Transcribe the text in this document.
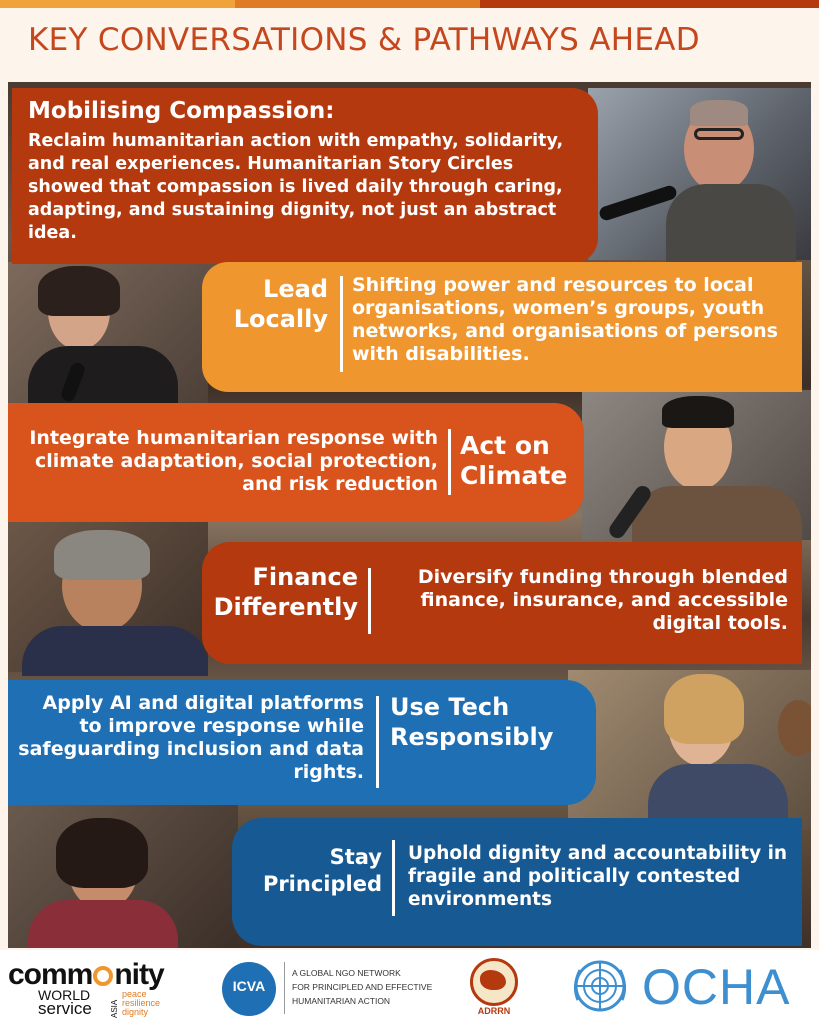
KEY CONVERSATIONS & PATHWAYS AHEAD
Mobilising Compassion:
Reclaim humanitarian action with empathy, solidarity, and real experiences. Humanitarian Story Circles showed that compassion is lived daily through caring, adapting, and sustaining dignity, not just an abstract idea.
Lead
Locally
Shifting power and resources to local organisations, women’s groups, youth networks, and organisations of persons with disabilities.
Integrate humanitarian response with climate adaptation, social protection, and risk reduction
Act on
Climate
Finance
Differently
Diversify funding through blended finance, insurance, and accessible digital tools.
Apply AI and digital platforms to improve response while safeguarding inclusion and data rights.
Use Tech
Responsibly
Stay
Principled
Uphold dignity and accountability in fragile and politically contested environments
comm nity
WORLD
service ASIA
peace
resilience
dignity
ICVA
A GLOBAL NGO NETWORK
FOR PRINCIPLED AND EFFECTIVE
HUMANITARIAN ACTION
ADRRN	OCHA
